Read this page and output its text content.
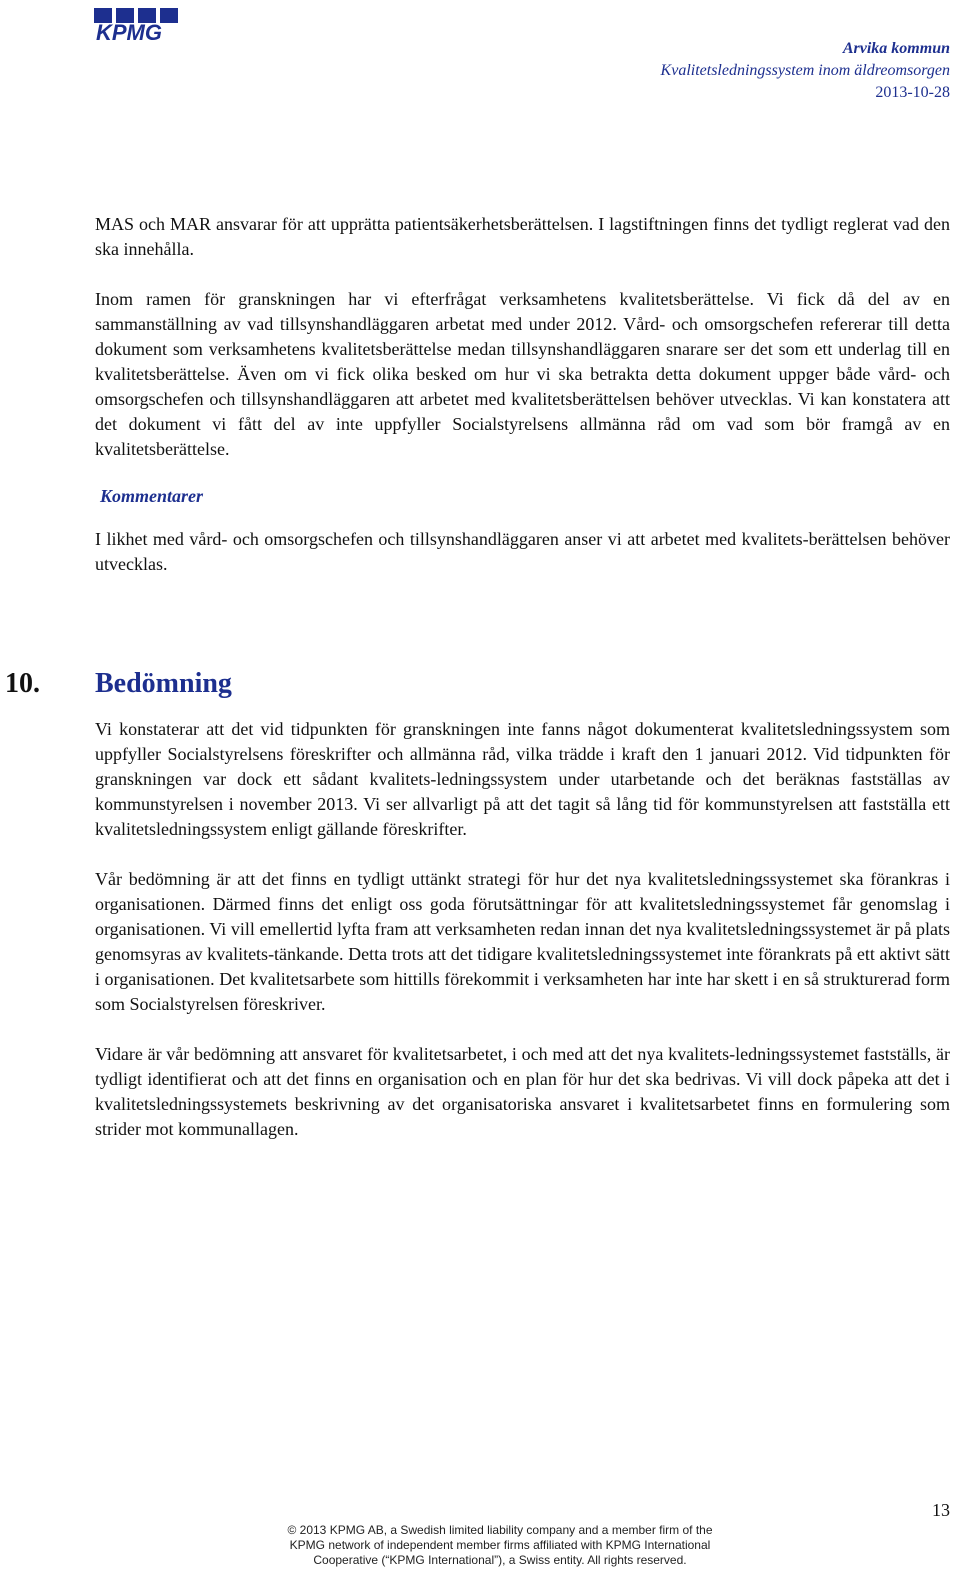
KPMG
Arvika kommun
Kvalitetsledningssystem inom äldreomsorgen
2013-10-28

MAS och MAR ansvarar för att upprätta patientsäkerhetsberättelsen. I lagstiftningen finns det tydligt reglerat vad den ska innehålla.

Inom ramen för granskningen har vi efterfrågat verksamhetens kvalitetsberättelse. Vi fick då del av en sammanställning av vad tillsynshandläggaren arbetat med under 2012. Vård- och omsorgschefen refererar till detta dokument som verksamhetens kvalitetsberättelse medan tillsynshandläggaren snarare ser det som ett underlag till en kvalitetsberättelse. Även om vi fick olika besked om hur vi ska betrakta detta dokument uppger både vård- och omsorgschefen och tillsynshandläggaren att arbetet med kvalitetsberättelsen behöver utvecklas. Vi kan konstatera att det dokument vi fått del av inte uppfyller Socialstyrelsens allmänna råd om vad som bör framgå av en kvalitetsberättelse.

Kommentarer

I likhet med vård- och omsorgschefen och tillsynshandläggaren anser vi att arbetet med kvalitets-berättelsen behöver utvecklas.

10. Bedömning

Vi konstaterar att det vid tidpunkten för granskningen inte fanns något dokumenterat kvalitetsledningssystem som uppfyller Socialstyrelsens föreskrifter och allmänna råd, vilka trädde i kraft den 1 januari 2012. Vid tidpunkten för granskningen var dock ett sådant kvalitets-ledningssystem under utarbetande och det beräknas fastställas av kommunstyrelsen i november 2013. Vi ser allvarligt på att det tagit så lång tid för kommunstyrelsen att fastställa ett kvalitetsledningssystem enligt gällande föreskrifter.

Vår bedömning är att det finns en tydligt uttänkt strategi för hur det nya kvalitetsledningssystemet ska förankras i organisationen. Därmed finns det enligt oss goda förutsättningar för att kvalitetsledningssystemet får genomslag i organisationen. Vi vill emellertid lyfta fram att verksamheten redan innan det nya kvalitetsledningssystemet är på plats genomsyras av kvalitets-tänkande. Detta trots att det tidigare kvalitetsledningssystemet inte förankrats på ett aktivt sätt i organisationen. Det kvalitetsarbete som hittills förekommit i verksamheten har inte har skett i en så strukturerad form som Socialstyrelsen föreskriver.

Vidare är vår bedömning att ansvaret för kvalitetsarbetet, i och med att det nya kvalitets-ledningssystemet fastställs, är tydligt identifierat och att det finns en organisation och en plan för hur det ska bedrivas. Vi vill dock påpeka att det i kvalitetsledningssystemets beskrivning av det organisatoriska ansvaret i kvalitetsarbetet finns en formulering som strider mot kommunallagen.

13
© 2013 KPMG AB, a Swedish limited liability company and a member firm of the
KPMG network of independent member firms affiliated with KPMG International
Cooperative (“KPMG International”), a Swiss entity. All rights reserved.
